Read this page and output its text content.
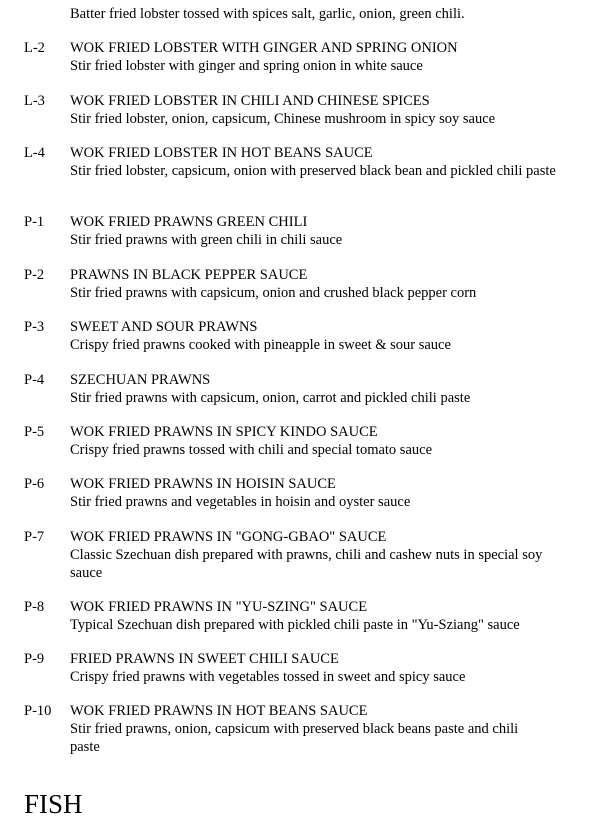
Batter fried lobster tossed with spices salt, garlic, onion, green chili.
L-2 WOK FRIED LOBSTER WITH GINGER AND SPRING ONION
Stir fried lobster with ginger and spring onion in white sauce
L-3 WOK FRIED LOBSTER IN CHILI AND CHINESE SPICES
Stir fried lobster, onion, capsicum, Chinese mushroom in spicy soy sauce
L-4 WOK FRIED LOBSTER IN HOT BEANS SAUCE
Stir fried lobster, capsicum, onion with preserved black bean and pickled chili paste
P-1 WOK FRIED PRAWNS GREEN CHILI
Stir fried prawns with green chili in chili sauce
P-2 PRAWNS IN BLACK PEPPER SAUCE
Stir fried prawns with capsicum, onion and crushed black pepper corn
P-3 SWEET AND SOUR PRAWNS
Crispy fried prawns cooked with pineapple in sweet & sour sauce
P-4 SZECHUAN PRAWNS
Stir fried prawns with capsicum, onion, carrot and pickled chili paste
P-5 WOK FRIED PRAWNS IN SPICY KINDO SAUCE
Crispy fried prawns tossed with chili and special tomato sauce
P-6 WOK FRIED PRAWNS IN HOISIN SAUCE
Stir fried prawns and vegetables in hoisin and oyster sauce
P-7 WOK FRIED PRAWNS IN "GONG-GBAO" SAUCE
Classic Szechuan dish prepared with prawns, chili and cashew nuts in special soy sauce
P-8 WOK FRIED PRAWNS IN "YU-SZING" SAUCE
Typical Szechuan dish prepared with pickled chili paste in "Yu-Sziang" sauce
P-9 FRIED PRAWNS IN SWEET CHILI SAUCE
Crispy fried prawns with vegetables tossed in sweet and spicy sauce
P-10 WOK FRIED PRAWNS IN HOT BEANS SAUCE
Stir fried prawns, onion, capsicum with preserved black beans paste and chili paste
FISH
